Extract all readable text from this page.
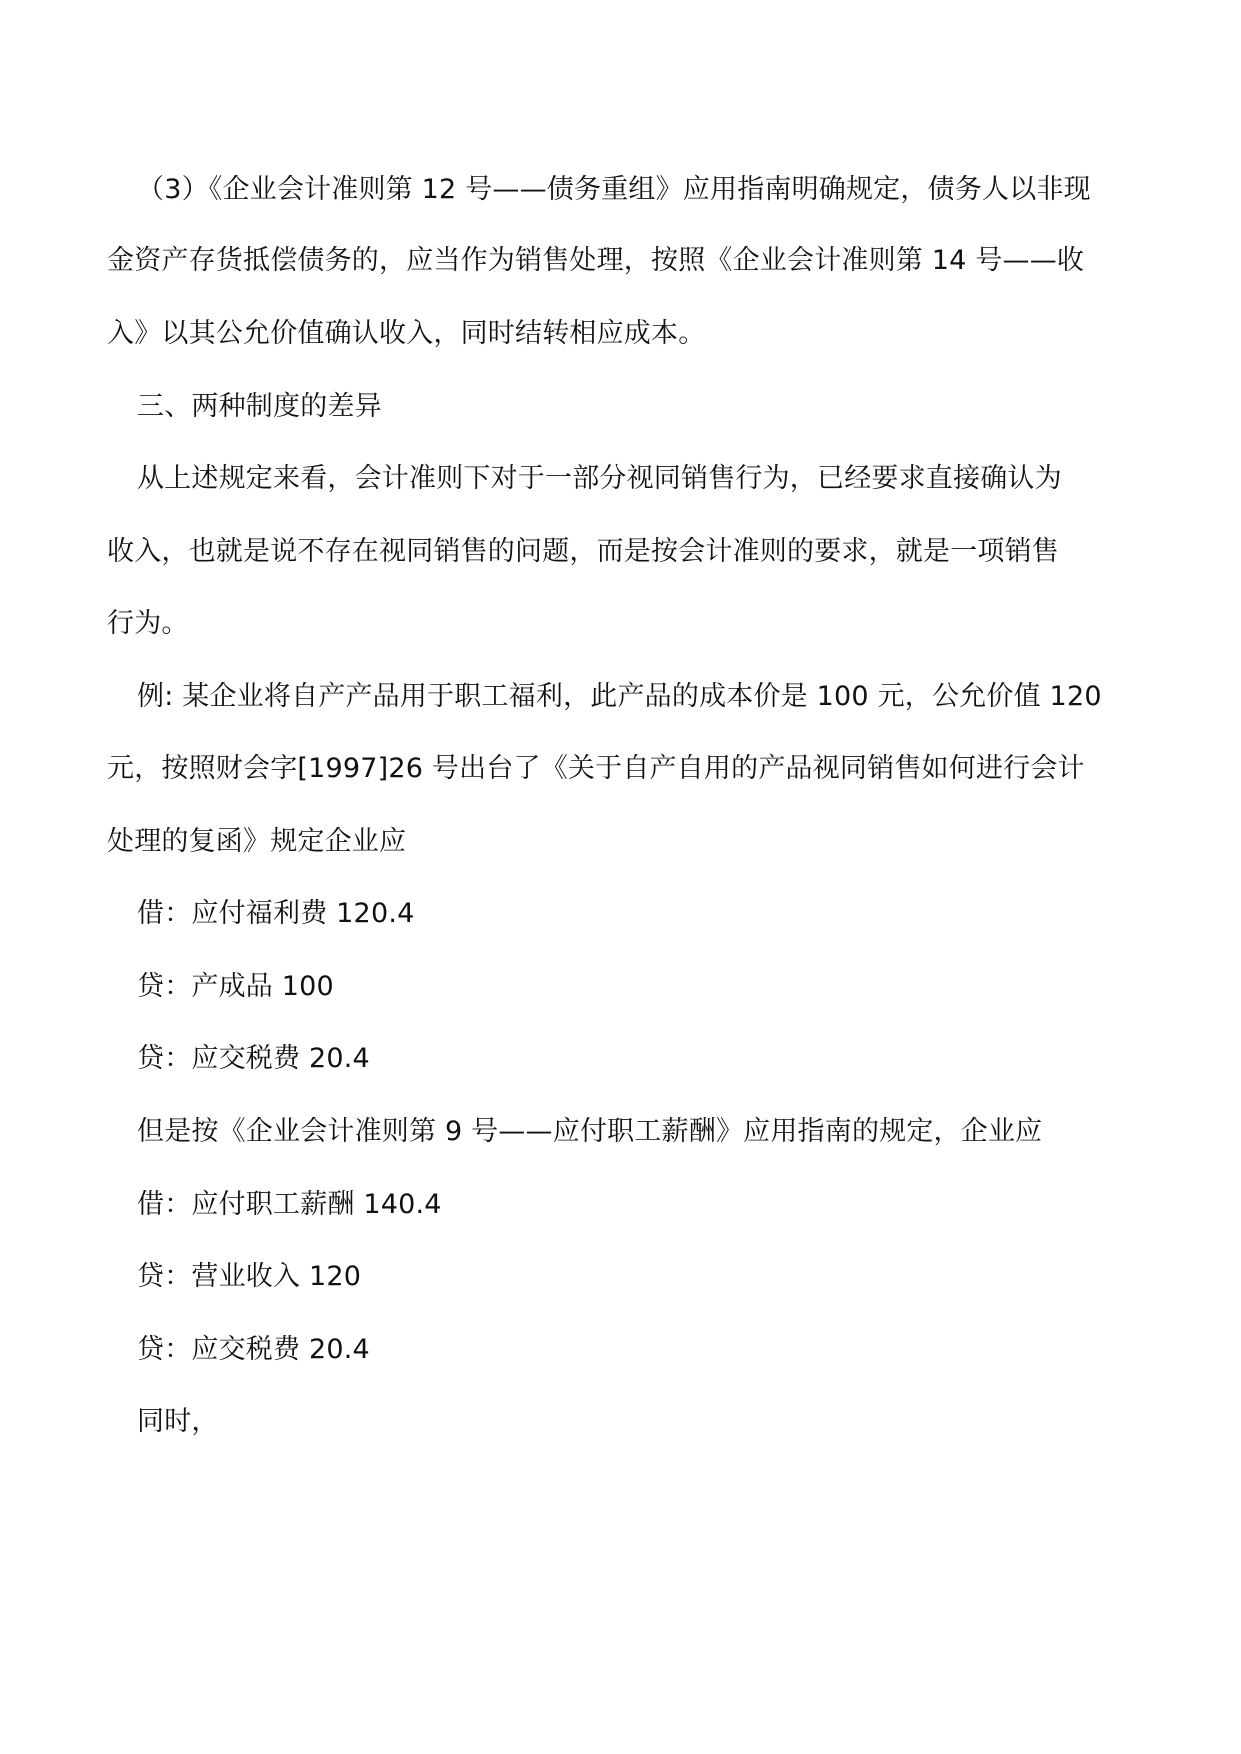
（3）《企业会计准则第 12 号——债务重组》应用指南明确规定，债务人以非现
金资产存货抵偿债务的，应当作为销售处理，按照《企业会计准则第 14 号——收
入》以其公允价值确认收入，同时结转相应成本。
三、两种制度的差异
从上述规定来看，会计准则下对于一部分视同销售行为，已经要求直接确认为
收入，也就是说不存在视同销售的问题，而是按会计准则的要求，就是一项销售
行为。
例: 某企业将自产产品用于职工福利，此产品的成本价是 100 元，公允价值 120
元，按照财会字[1997]26 号出台了《关于自产自用的产品视同销售如何进行会计
处理的复函》规定企业应
借：应付福利费 120.4
贷：产成品 100
贷：应交税费 20.4
但是按《企业会计准则第 9 号——应付职工薪酬》应用指南的规定，企业应
借：应付职工薪酬 140.4
贷：营业收入 120
贷：应交税费 20.4
同时，
